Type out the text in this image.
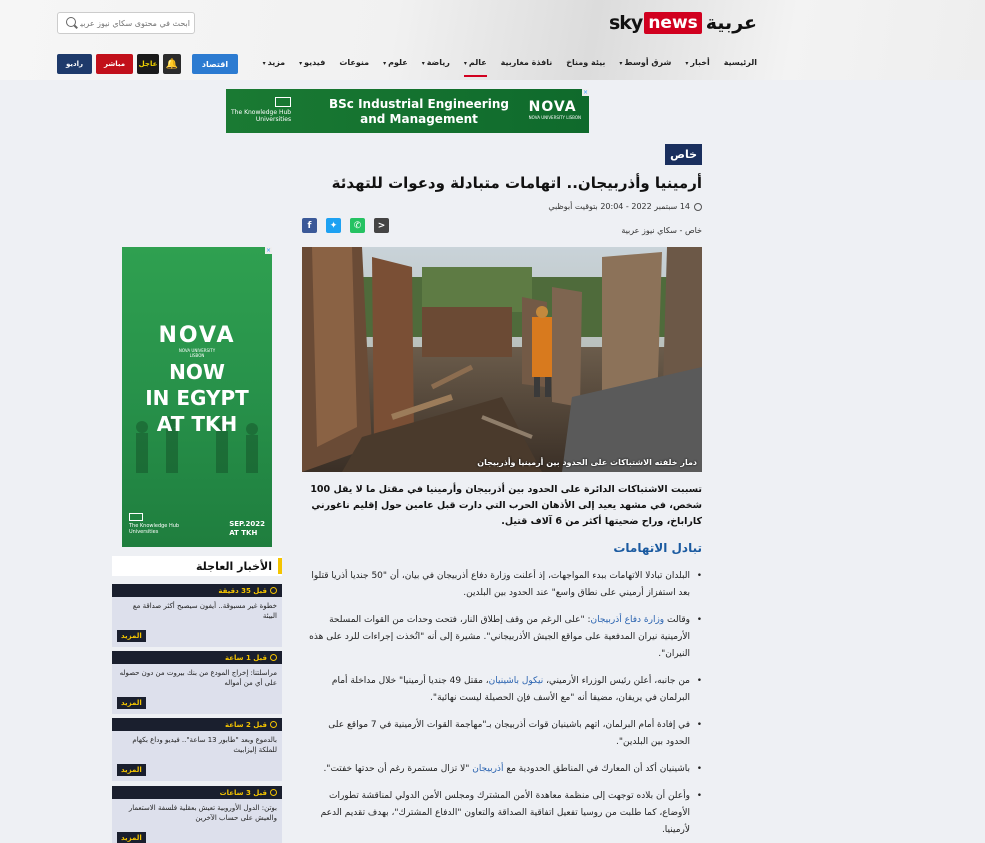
عربية
news
sky
ابحث في محتوى سكاي نيوز عربية
الرئيسية
أخبار▾
شرق أوسط▾
بيئة ومناخ
نافذة مغاربية
عالم▾
رياضة▾
علوم▾
منوعات
فيديو▾
مزيد▾
اقتصاد
راديو	مباشر عاجل 🔔
The Knowledge Hub
Universities
BSc Industrial Engineering
and Management
NOVA
NOVA UNIVERSITY LISBON
×
خاص
أرمينيا وأذربيجان.. اتهامات متبادلة ودعوات للتهدئة
14 سبتمبر 2022 - 20:04 بتوقيت أبوظبي
خاص - سكاي نيوز عربية
<
✆
✦
f
دمار خلفته الاشتباكات على الحدود بين أرمينيا وأذربيجان

تسببت الاشتباكات الدائرة على الحدود بين أذربيجان وأرمينيا في مقتل ما لا يقل 100 شخص، في مشهد يعيد إلى الأذهان الحرب التي دارت قبل عامين حول إقليم ناغورني كاراباخ، وراح ضحيتها أكثر من 6 آلاف قتيل.

تبادل الاتهامات
• البلدان تبادلا الاتهامات ببدء المواجهات، إذ أعلنت وزارة دفاع أذربيجان في بيان، أن "50 جنديا أذريا قتلوا بعد استفزاز أرميني على نطاق واسع" عند الحدود بين البلدين.
• وقالت وزارة دفاع أذربيجان: "على الرغم من وقف إطلاق النار، فتحت وحدات من القوات المسلحة الأرمينية نيران المدفعية على مواقع الجيش الأذربيجاني". مشيرة إلى أنه "اتُخذت إجراءات للرد على هذه النيران".
• من جانبه، أعلن رئيس الوزراء الأرميني، نيكول باشينيان، مقتل 49 جنديا أرمينيا" خلال مداخلة أمام البرلمان في يريفان، مضيفا أنه "مع الأسف فإن الحصيلة ليست نهائية".
• في إفادة أمام البرلمان، اتهم باشينيان قوات أذربيجان بـ"مهاجمة القوات الأرمينية في 7 مواقع على الحدود بين البلدين".
• باشينيان أكد أن المعارك في المناطق الحدودية مع أذربيجان "لا تزال مستمرة رغم أن حدتها خفتت".
• وأعلن أن بلاده توجهت إلى منظمة معاهدة الأمن المشترك ومجلس الأمن الدولي لمناقشة تطورات الأوضاع، كما طلبت من روسيا تفعيل اتفاقية الصداقة والتعاون "الدفاع المشترك"، بهدف تقديم الدعم لأرمينيا.
×
NOVA
NOVA UNIVERSITY
LISBON
NOW
IN EGYPT
AT TKH
The Knowledge Hub
Universities
SEP.2022
AT TKH
الأخبار العاجلة
قبل 35 دقيقة
خطوة غير مسبوقة.. أيفون سيصبح أكثر صداقة مع البيئة
المزيد
قبل 1 ساعة
مراسلتنا: إخراج المودع من بنك بيروت من دون حصوله على أي من أمواله
المزيد
قبل 2 ساعة
بالدموع وبعد "طابور 13 ساعة".. فيديو وداع بكهام للملكة إليزابيث
المزيد
قبل 3 ساعات
بوتن: الدول الأوروبية تعيش بعقلية فلسفة الاستعمار والعيش على حساب الآخرين
المزيد
